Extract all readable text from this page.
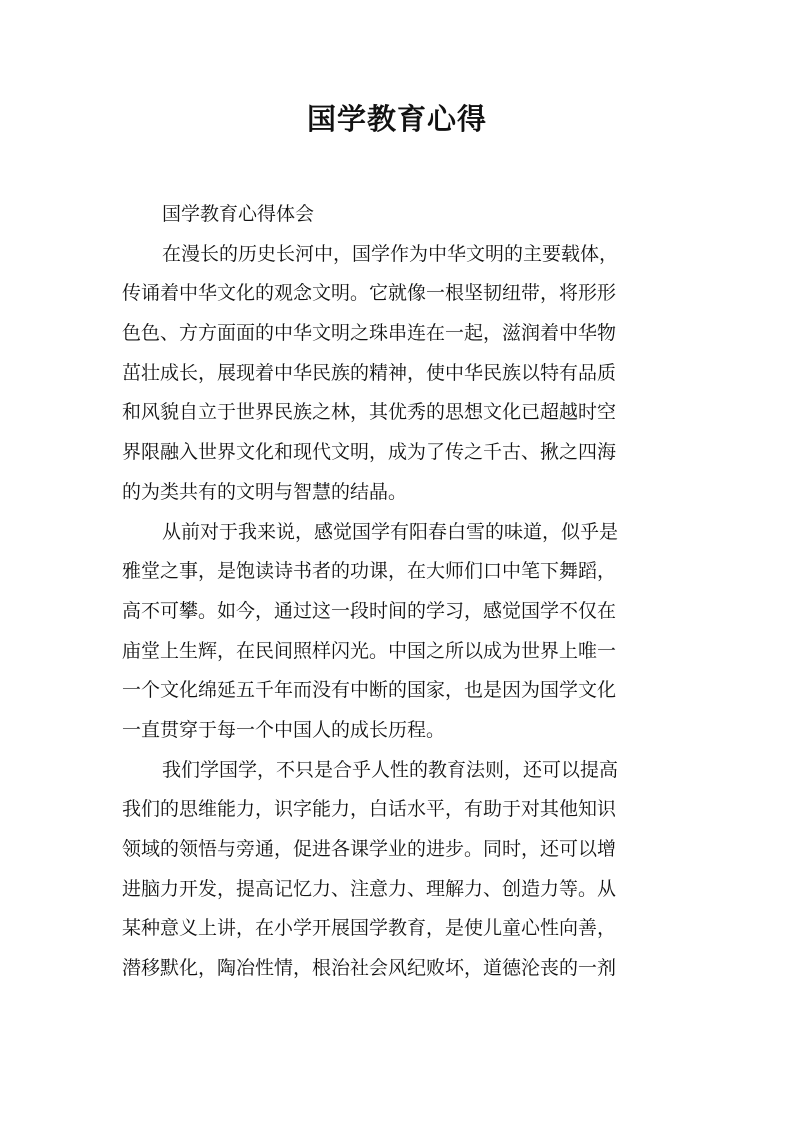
国学教育心得
国学教育心得体会
在漫长的历史长河中，国学作为中华文明的主要载体，
传诵着中华文化的观念文明。它就像一根坚韧纽带，将形形
色色、方方面面的中华文明之珠串连在一起，滋润着中华物
茁壮成长，展现着中华民族的精神，使中华民族以特有品质
和风貌自立于世界民族之林，其优秀的思想文化已超越时空
界限融入世界文化和现代文明，成为了传之千古、揪之四海
的为类共有的文明与智慧的结晶。
从前对于我来说，感觉国学有阳春白雪的味道，似乎是
雅堂之事，是饱读诗书者的功课，在大师们口中笔下舞蹈，
高不可攀。如今，通过这一段时间的学习，感觉国学不仅在
庙堂上生辉，在民间照样闪光。中国之所以成为世界上唯一
一个文化绵延五千年而没有中断的国家，也是因为国学文化
一直贯穿于每一个中国人的成长历程。
我们学国学，不只是合乎人性的教育法则，还可以提高
我们的思维能力，识字能力，白话水平，有助于对其他知识
领域的领悟与旁通，促进各课学业的进步。同时，还可以增
进脑力开发，提高记忆力、注意力、理解力、创造力等。从
某种意义上讲，在小学开展国学教育，是使儿童心性向善，
潜移默化，陶冶性情，根治社会风纪败坏，道德沦丧的一剂
